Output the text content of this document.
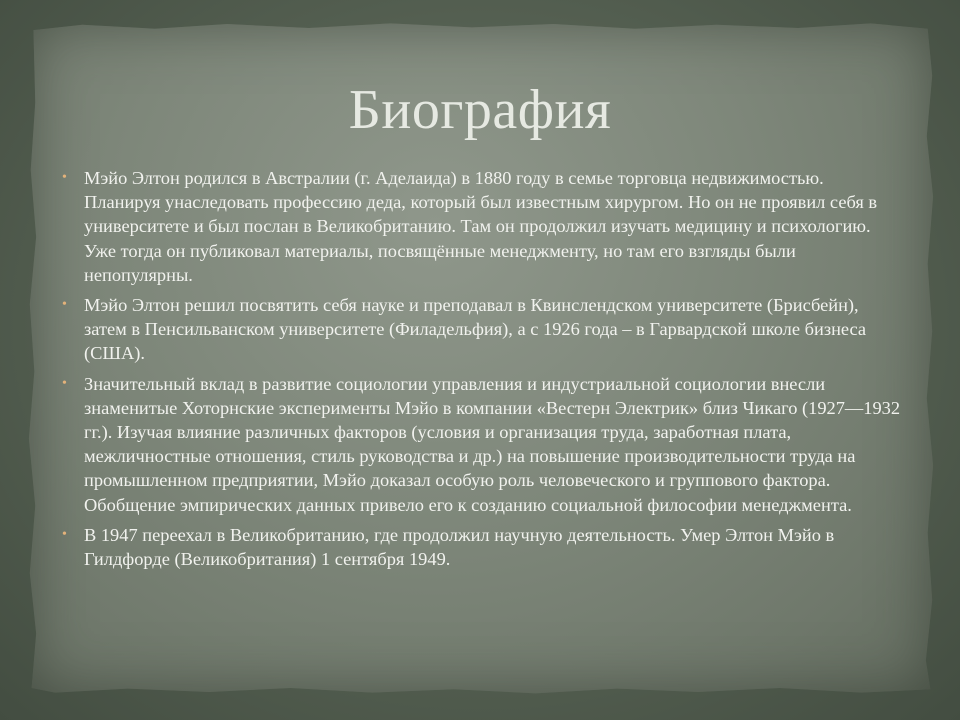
Биография
• Мэйо Элтон родился в Австралии (г. Аделаида) в 1880 году в семье торговца недвижимостью. Планируя унаследовать профессию деда, который был известным хирургом. Но он не проявил себя в университете и был послан в Великобританию. Там он продолжил изучать медицину и психологию. Уже тогда он публиковал материалы, посвящённые менеджменту, но там его взгляды были непопулярны.
• Мэйо Элтон решил посвятить себя науке и преподавал в Квинслендском университете (Брисбейн), затем в Пенсильванском университете (Филадельфия), а с 1926 года – в Гарвардской школе бизнеса (США).
• Значительный вклад в развитие социологии управления и индустриальной социологии внесли знаменитые Хоторнские эксперименты Мэйо в компании «Вестерн Электрик» близ Чикаго (1927—1932 гг.). Изучая влияние различных факторов (условия и организация труда, заработная плата, межличностные отношения, стиль руководства и др.) на повышение производительности труда на промышленном предприятии, Мэйо доказал особую роль человеческого и группового фактора. Обобщение эмпирических данных привело его к созданию социальной философии менеджмента.
• В 1947 переехал в Великобританию, где продолжил научную деятельность. Умер Элтон Мэйо в Гилдфорде (Великобритания) 1 сентября 1949.
